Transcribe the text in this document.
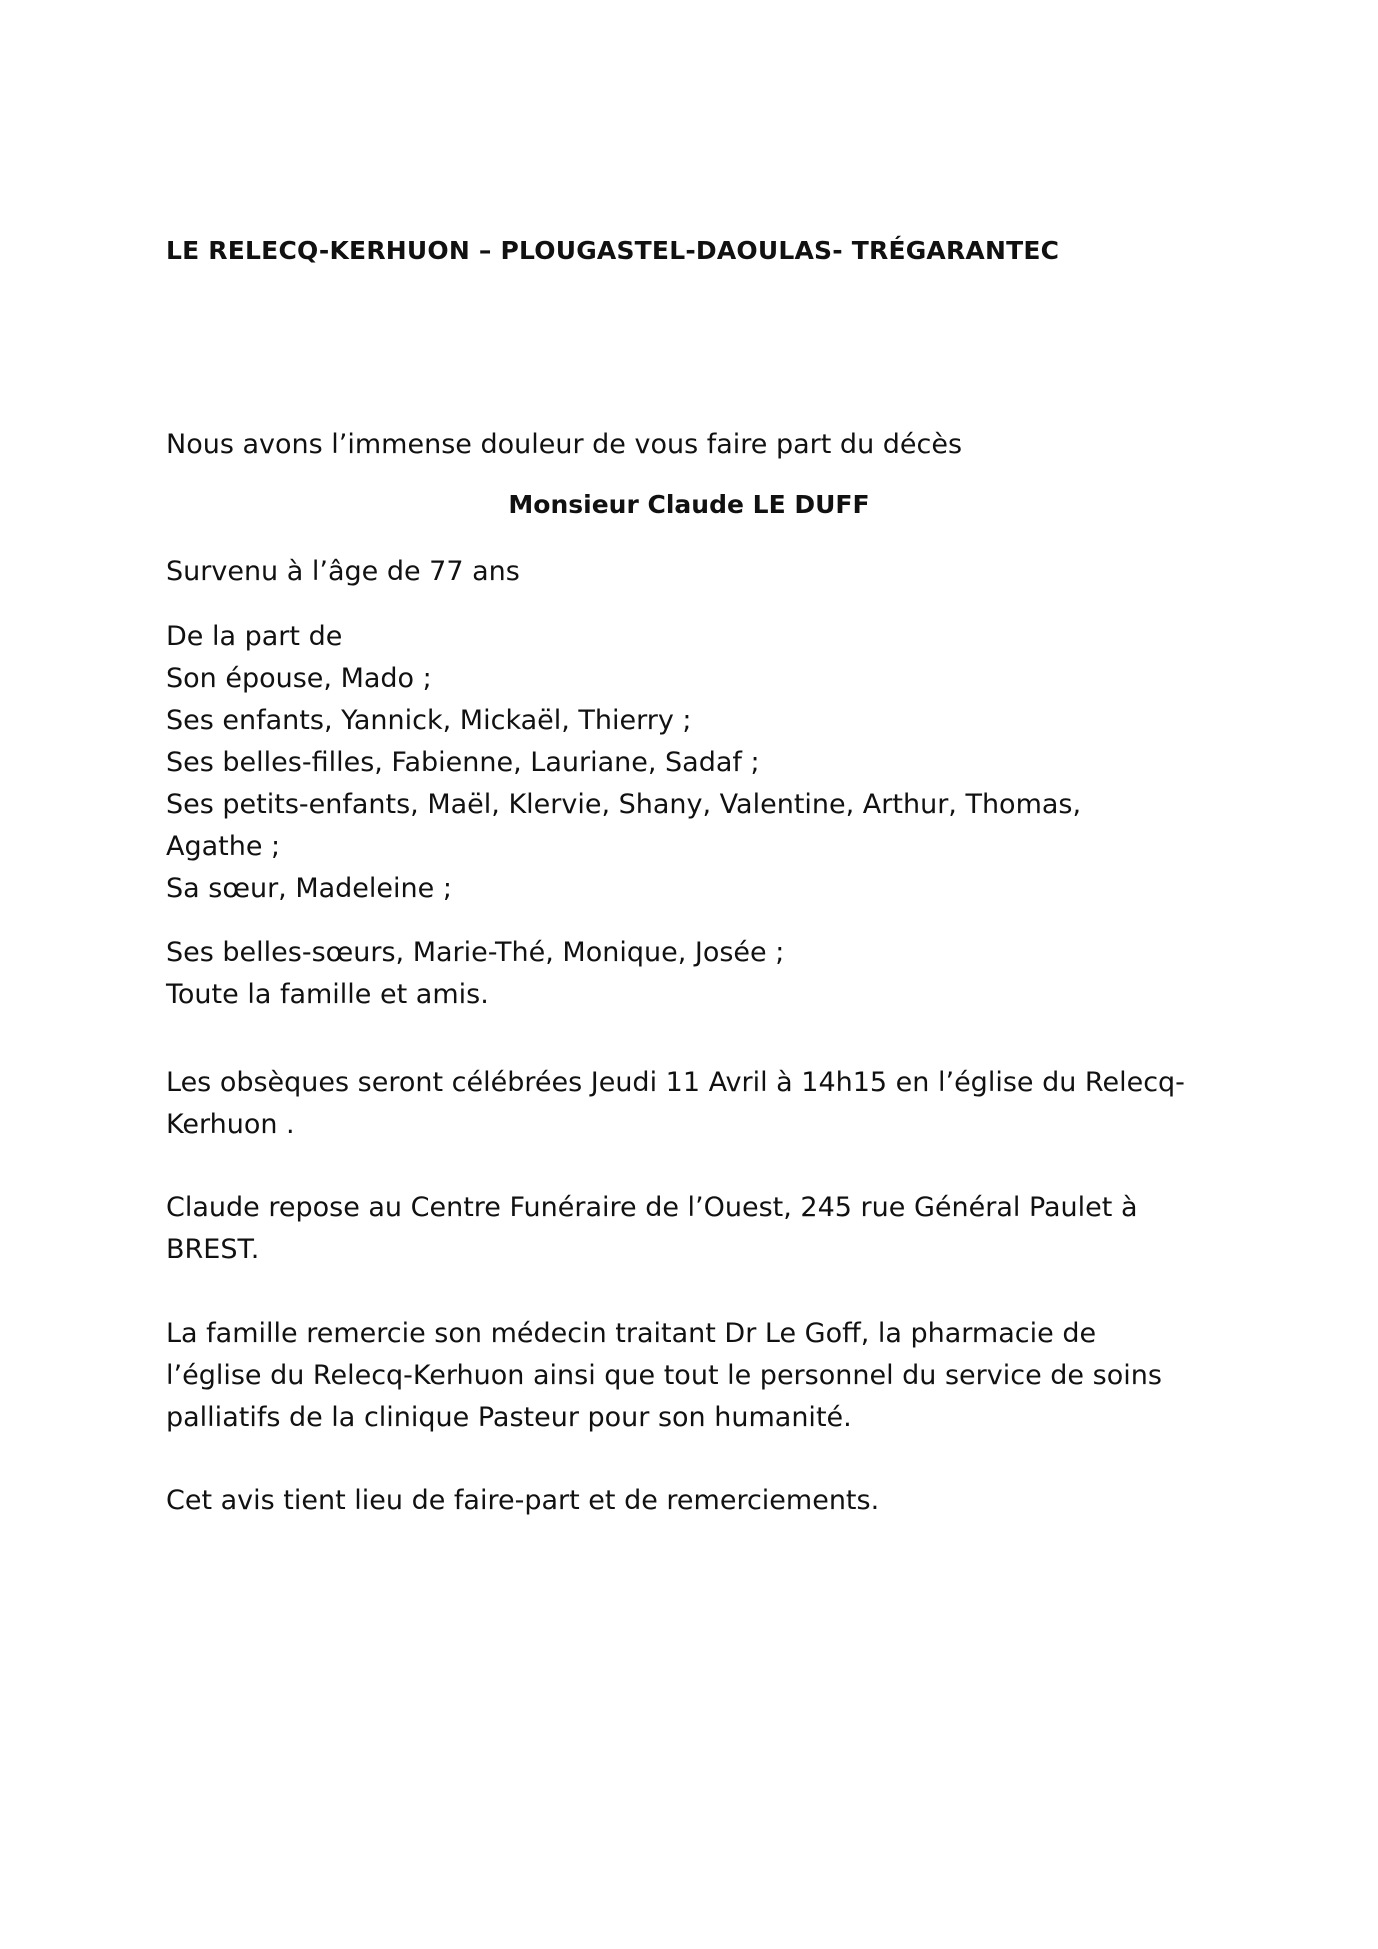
LE RELECQ-KERHUON – PLOUGASTEL-DAOULAS- TRÉGARANTEC
Nous avons l’immense douleur de vous faire part du décès
Monsieur Claude LE DUFF
Survenu à l’âge de 77 ans
De la part de
Son épouse, Mado ;
Ses enfants, Yannick, Mickaël, Thierry ;
Ses belles-filles, Fabienne, Lauriane, Sadaf ;
Ses petits-enfants, Maël, Klervie, Shany, Valentine, Arthur, Thomas,
Agathe ;
Sa sœur, Madeleine ;
Ses belles-sœurs, Marie-Thé, Monique, Josée ;
Toute la famille et amis.
Les obsèques seront célébrées Jeudi 11 Avril à 14h15 en l’église du Relecq-
Kerhuon .
Claude repose au Centre Funéraire de l’Ouest, 245 rue Général Paulet à
BREST.
La famille remercie son médecin traitant Dr Le Goff, la pharmacie de
l’église du Relecq-Kerhuon ainsi que tout le personnel du service de soins
palliatifs de la clinique Pasteur pour son humanité.
Cet avis tient lieu de faire-part et de remerciements.
